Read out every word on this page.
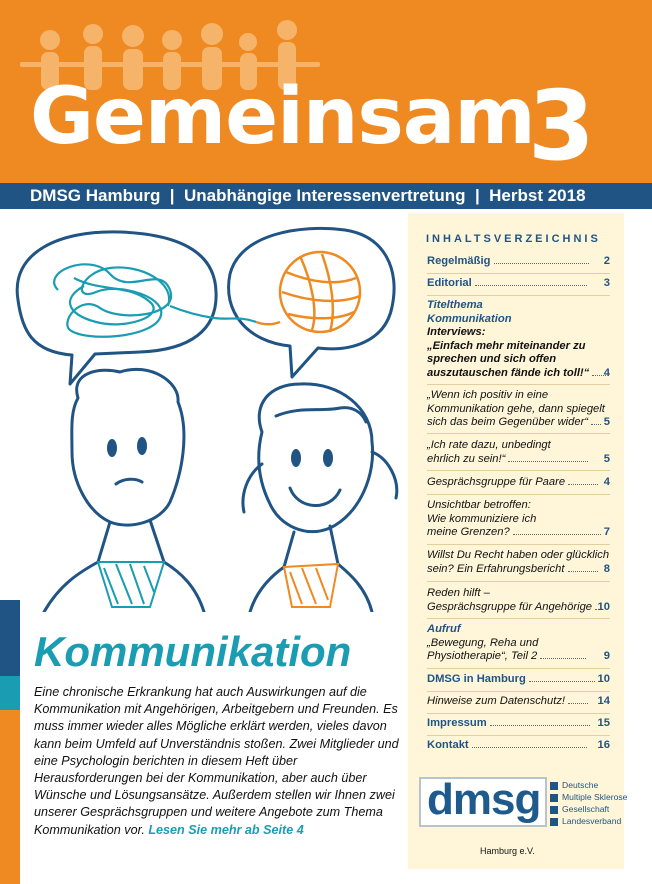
Gemeinsam
3
DMSG Hamburg  |  Unabhängige Interessenvertretung  |  Herbst 2018
INHALTSVERZEICHNIS
Regelmäßig	2
Editorial	3
Titelthema
Kommunikation
Interviews:
„Einfach mehr miteinander zu
sprechen und sich offen
auszutauschen fände ich toll!“	4
„Wenn ich positiv in eine
Kommunikation gehe, dann spiegelt
sich das beim Gegenüber wider“	5
„Ich rate dazu, unbedingt
ehrlich zu sein!“	5
Gesprächsgruppe für Paare	4
Unsichtbar betroffen:
Wie kommuniziere ich
meine Grenzen?	7
Willst Du Recht haben oder glücklich
sein? Ein Erfahrungsbericht	8
Reden hilft –
Gesprächsgruppe für Angehörige 10
Aufruf
„Bewegung, Reha und
Physiotherapie“, Teil 2	9
DMSG in Hamburg	10
Hinweise zum Datenschutz!	14
Impressum	15
Kontakt	16
Kommunikation
Eine chronische Erkrankung hat auch Auswirkungen auf die Kommunikation mit Angehörigen, Arbeitgebern und Freunden. Es muss immer wieder alles Mögliche erklärt werden, vieles davon kann beim Umfeld auf Unverständnis stoßen. Zwei Mitglieder und eine Psychologin berichten in diesem Heft über Herausforderungen bei der Kommunikation, aber auch über Wünsche und Lösungsansätze. Außerdem stellen wir Ihnen zwei unserer Gesprächsgruppen und weitere Angebote zum Thema Kommunikation vor. Lesen Sie mehr ab Seite 4
dmsg	Deutsche
Multiple Sklerose
Gesellschaft
Landesverband
Hamburg e.V.
